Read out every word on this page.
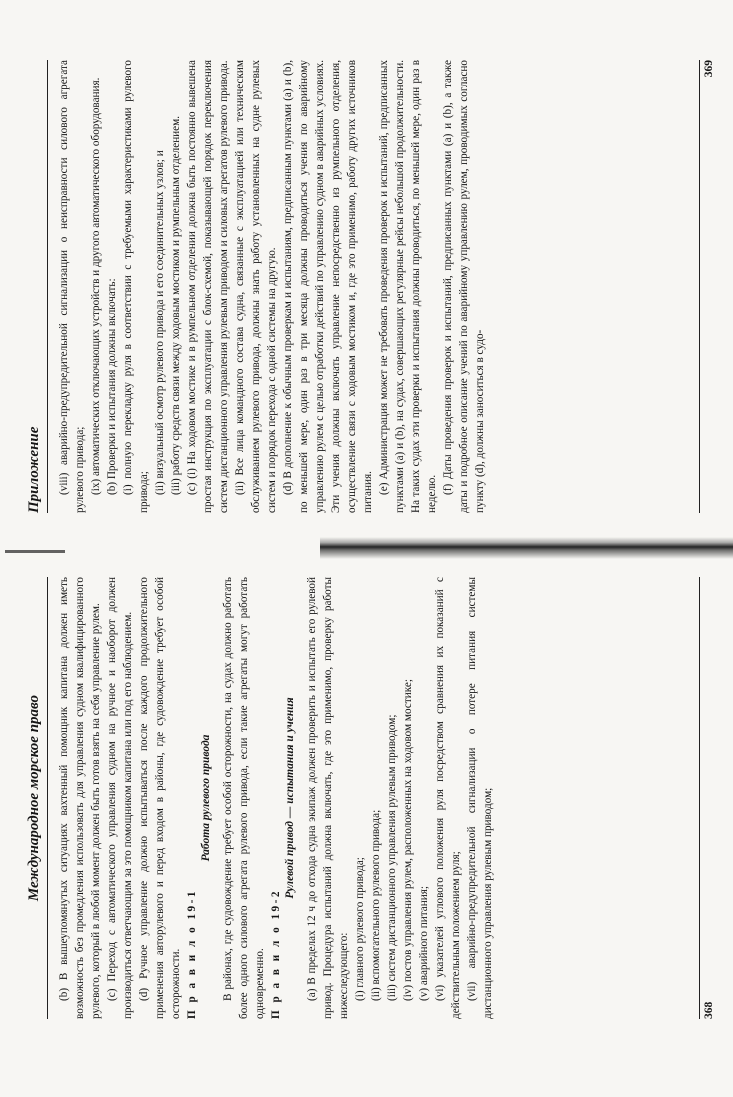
Международное морское право	(b) В вышеупомянутых ситуациях вахтенный помощник капитана должен иметь возможность без промедления использовать для управления судном квалифицированного рулевого, который в любой момент должен быть готов взять на себя управление рулем. (с) Переход с автоматического управления судном на ручное и наоборот должен производиться ответчающим за это помощником капитана или под его наблюдением. (d) Ручное управление должно испытываться после каждого продолжительного применения авторулевого и перед входом в районы, где судовождение требует особой осторожности. П р а в и л о 19-1

Работа рулевого привода В районах, где судовождение требует особой осторожности, на судах должно работать более одного силового агрегата рулевого привода, если такие агрегаты могут работать одновременно. П р а в и л о 19-2

Рулевой привод — испытания и учения (a) В пределах 12 ч до отхода судна экипаж должен проверить и испытать его рулевой привод. Процедура испытаний должна включать, где это применимо, проверку работы нижеследующего: (i) главного рулевого привода; (ii) вспомогательного рулевого привода; (iii) систем дистанционного управления рулевым приводом; (iv) постов управления рулем, расположенных на ходовом мостике; (v) аварийного питания; (vi) указателей углового положения руля посредством сравнения их показаний с действительным положением руля; (vii) аварийно-предупредительной сигнализации о потере питания системы дистанционного управления рулевым приводом;	368
Приложение	(viii) аварийно-предупредительной сигнализации о неисправности силового агрегата рулевого привода; (ix) автоматических отключающих устройств и другого автоматического оборудования. (b) Проверки и испытания должны включать: (i) полную перекладку руля в соответствии с требуемыми характеристиками рулевого привода; (ii) визуальный осмотр рулевого привода и его соединительных узлов; и (iii) работу средств связи между ходовым мостиком и румпельным отделением. (c) (i) На ходовом мостике и в румпельном отделении должна быть постоянно вывешена простая инструкция по эксплуатации с блок-схемой, показывающей порядок переключения систем дистанционного управления рулевым приводом и силовых агрегатов рулевого привода. (ii) Все лица командного состава судна, связанные с эксплуатацией или техническим обслуживанием рулевого привода, должны знать работу установленных на судне рулевых систем и порядок перехода с одной системы на другую. (d) В дополнение к обычным проверкам и испытаниям, предписанным пунктами (a) и (b), по меньшей мере, один раз в три месяца должны проводиться учения по аварийному управлению рулем с целью отработки действий по управлению судном в аварийных условиях. Эти учения должны включать управление непосредственно из румпельного отделения, осуществление связи с ходовым мостиком и, где это применимо, работу других источников питания. (e) Администрация может не требовать проведения проверок и испытаний, предписанных пунктами (a) и (b), на судах, совершающих регулярные рейсы небольшой продолжительности. На таких судах эти проверки и испытания должны проводиться, по меньшей мере, один раз в неделю. (f) Даты проведения проверок и испытаний, предписанных пунктами (a) и (b), а также даты и подробное описание учений по аварийному управлению рулем, проводимых согласно пункту (d), должны заноситься в судо-

369
